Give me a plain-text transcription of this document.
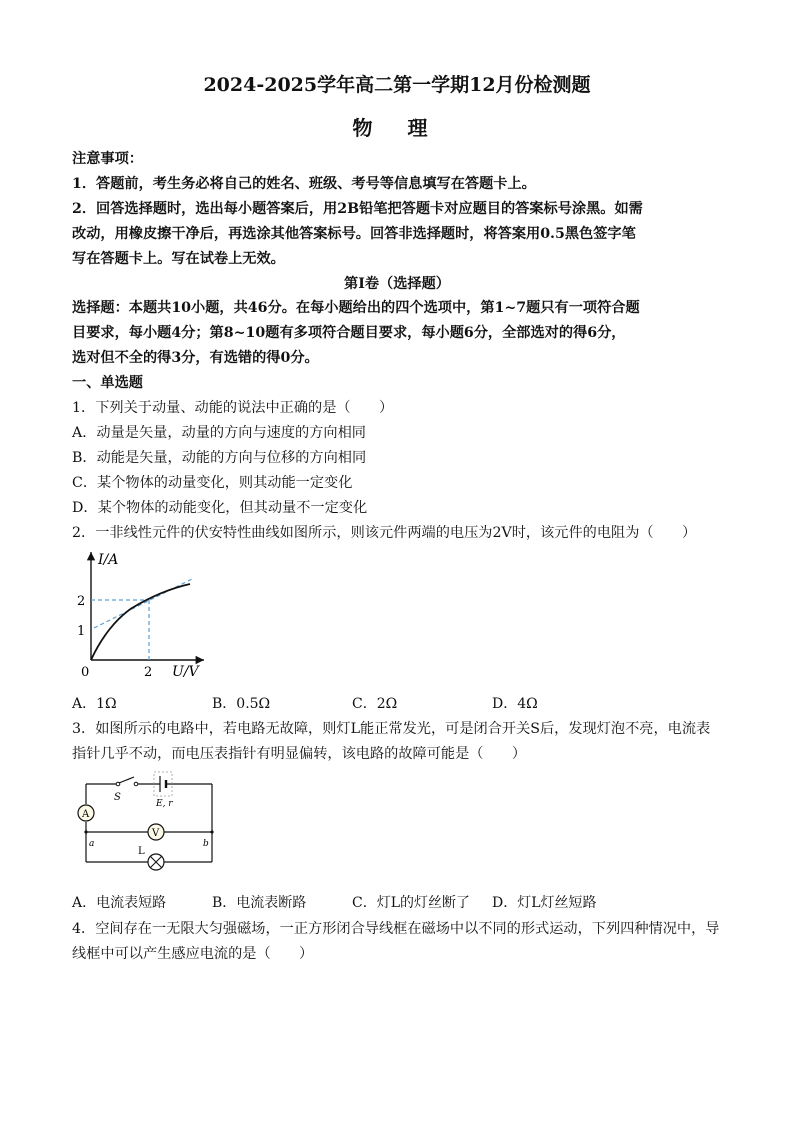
2024-2025学年高二第一学期12月份检测题
物 理
注意事项：
1．答题前，考生务必将自己的姓名、班级、考号等信息填写在答题卡上。
2．回答选择题时，选出每小题答案后，用2B铅笔把答题卡对应题目的答案标号涂黑。如需
改动，用橡皮擦干净后，再选涂其他答案标号。回答非选择题时，将答案用0.5黑色签字笔
写在答题卡上。写在试卷上无效。
第Ⅰ卷（选择题）
选择题：本题共10小题，共46分。在每小题给出的四个选项中，第1~7题只有一项符合题
目要求，每小题4分；第8~10题有多项符合题目要求，每小题6分，全部选对的得6分，
选对但不全的得3分，有选错的得0分。
一、单选题
1．下列关于动量、动能的说法中正确的是（　　）
A．动量是矢量，动量的方向与速度的方向相同
B．动能是矢量，动能的方向与位移的方向相同
C．某个物体的动量变化，则其动能一定变化
D．某个物体的动能变化，但其动量不一定变化
2．一非线性元件的伏安特性曲线如图所示，则该元件两端的电压为2V时，该元件的电阻为（　　）
I/A
U/V
0
2
1
2
A．1Ω	B．0.5Ω	C．2Ω	D．4Ω
3．如图所示的电路中，若电路无故障，则灯L能正常发光，可是闭合开关S后，发现灯泡不亮，电流表
指针几乎不动，而电压表指针有明显偏转，该电路的故障可能是（　　）
S
E, r
A
V
a	b
L
A．电流表短路	B．电流表断路	C．灯L的灯丝断了 D．灯L灯丝短路
4．空间存在一无限大匀强磁场，一正方形闭合导线框在磁场中以不同的形式运动，下列四种情况中，导
线框中可以产生感应电流的是（　　）
